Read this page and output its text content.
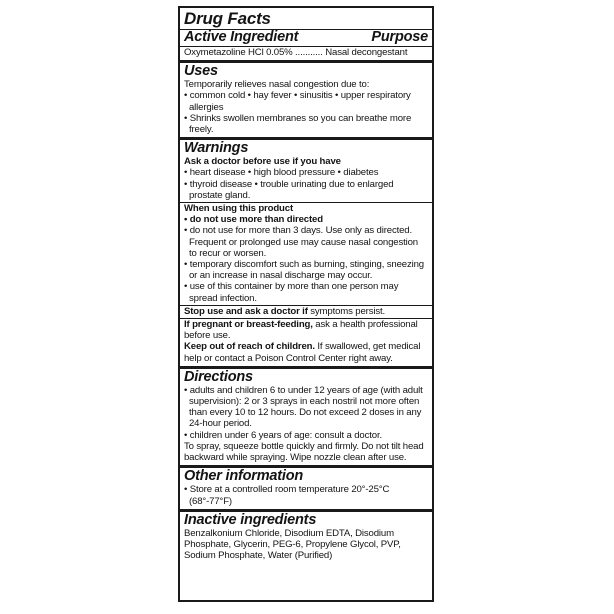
Drug Facts
Active Ingredient	Purpose
Oxymetazoline HCl 0.05% ........... Nasal decongestant
Uses
Temporarily relieves nasal congestion due to:
• common cold • hay fever • sinusitis • upper respiratory allergies
• Shrinks swollen membranes so you can breathe more freely.
Warnings
Ask a doctor before use if you have
• heart disease • high blood pressure • diabetes
• thyroid disease • trouble urinating due to enlarged prostate gland.
When using this product
• do not use more than directed
• do not use for more than 3 days. Use only as directed. Frequent or prolonged use may cause nasal congestion to recur or worsen.
• temporary discomfort such as burning, stinging, sneezing or an increase in nasal discharge may occur.
• use of this container by more than one person may spread infection.
Stop use and ask a doctor if symptoms persist.
If pregnant or breast-feeding, ask a health professional before use.
Keep out of reach of children. If swallowed, get medical help or contact a Poison Control Center right away.
Directions
• adults and children 6 to under 12 years of age (with adult supervision): 2 or 3 sprays in each nostril not more often than every 10 to 12 hours. Do not exceed 2 doses in any 24-hour period.
• children under 6 years of age: consult a doctor.
To spray, squeeze bottle quickly and firmly. Do not tilt head backward while spraying. Wipe nozzle clean after use.
Other information
• Store at a controlled room temperature 20°-25°C (68°-77°F)
Inactive ingredients
Benzalkonium Chloride, Disodium EDTA, Disodium Phosphate, Glycerin, PEG-6, Propylene Glycol, PVP, Sodium Phosphate, Water (Purified)
